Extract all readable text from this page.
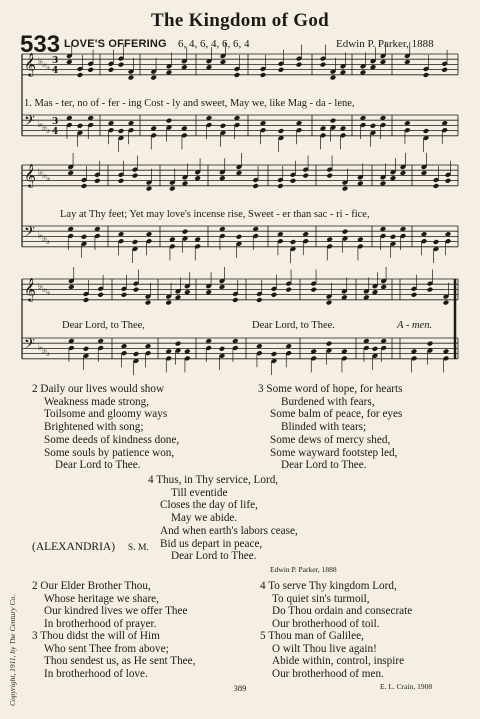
The Kingdom of God
533 LOVE'S OFFERING 6, 4, 6, 4, 6, 6, 4	Edwin P. Parker, 1888
𝄞
𝄢
♭
♭
♭
♭
♭
♭
3
4
3
4
𝄞
𝄢
♭
♭
♭
♭
♭
♭
𝄞
𝄢
♭
♭
♭
♭
♭
♭
1. Mas - ter, no of - fer - ing Cost - ly and sweet, May we, like Mag - da - lene,
Lay at Thy feet; Yet may love's incense rise, Sweet - er than sac - ri - fice,
Dear Lord, to Thee,	Dear Lord, to Thee.	A - men.
2 Daily our lives would show
Weakness made strong,
Toilsome and gloomy ways
Brightened with song;
Some deeds of kindness done,
Some souls by patience won,
Dear Lord to Thee.
3 Some word of hope, for hearts
Burdened with fears,
Some balm of peace, for eyes
Blinded with tears;
Some dews of mercy shed,
Some wayward footstep led,
Dear Lord to Thee.
4 Thus, in Thy service, Lord,
Till eventide
Closes the day of life,
May we abide.
And when earth's labors cease,
Bid us depart in peace,
Dear Lord to Thee.
Edwin P. Parker, 1888
(ALEXANDRIA) S. M.
Copyright, 1911, by The Century Co.
2 Our Elder Brother Thou,
Whose heritage we share,
Our kindred lives we offer Thee
In brotherhood of prayer.
3 Thou didst the will of Him
Who sent Thee from above;
Thou sendest us, as He sent Thee,
In brotherhood of love.
4 To serve Thy kingdom Lord,
To quiet sin's turmoil,
Do Thou ordain and consecrate
Our brotherhood of toil.
5 Thou man of Galilee,
O wilt Thou live again!
Abide within, control, inspire
Our brotherhood of men.
E. L. Crain, 1908
389
